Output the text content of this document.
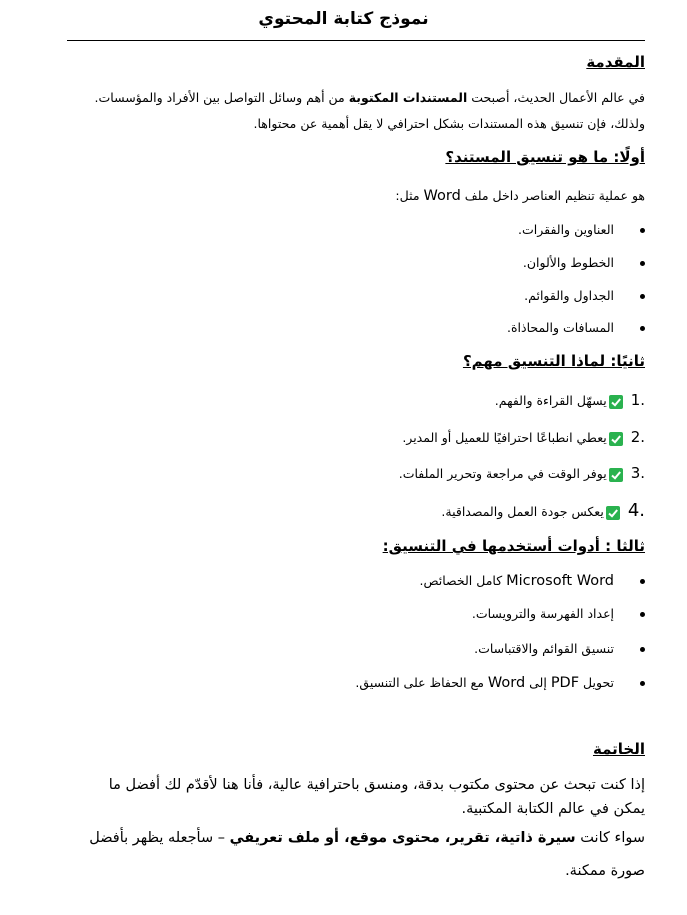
نموذج كتابة المحتوي
المقدمة
في عالم الأعمال الحديث، أصبحت المستندات المكتوبة من أهم وسائل التواصل بين الأفراد والمؤسسات.
ولذلك، فإن تنسيق هذه المستندات بشكل احترافي لا يقل أهمية عن محتواها.
أولًا: ما هو تنسيق المستند؟
هو عملية تنظيم العناصر داخل ملف Word مثل:
العناوين والفقرات.
الخطوط والألوان.
الجداول والقوائم.
المسافات والمحاذاة.
ثانيًا: لماذا التنسيق مهم؟
1.
يسهّل القراءة والفهم.
2.
يعطي انطباعًا احترافيًا للعميل أو المدير.
3.
يوفر الوقت في مراجعة وتحرير الملفات.
4.
يعكس جودة العمل والمصداقية.
ثالثا : أدوات أستخدمها في التنسيق:
Microsoft Word كامل الخصائص.
إعداد الفهرسة والترويسات.
تنسيق القوائم والاقتباسات.
تحويل PDF إلى Word مع الحفاظ على التنسيق.
الخاتمة
إذا كنت تبحث عن محتوى مكتوب بدقة، ومنسق باحترافية عالية، فأنا هنا لأقدّم لك أفضل ما
يمكن في عالم الكتابة المكتبية.
سواء كانت سيرة ذاتية، تقرير، محتوى موقع، أو ملف تعريفي – سأجعله يظهر بأفضل
صورة ممكنة.
